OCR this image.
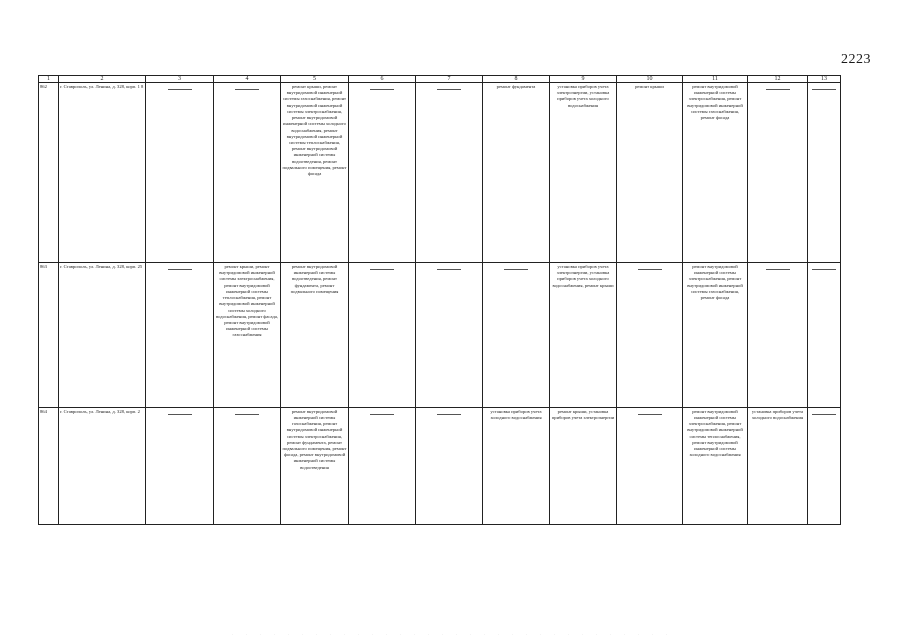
2223
1	2	3	4	5	6	7	8	9	10	11	12	13
862	г. Ставрополь, ул. Ленина, д. 328, корп. 1 8			ремонт крыши, ремонт внутридомовой инженерной системы газоснабжения, ремонт внутридомовой инженерной системы электроснабжения, ремонт внутридомовой инженерной системы холодного водоснабжения, ремонт внутридомовой инженерной системы теплоснабжения, ремонт внутридомовой инженерной системы водоотведения, ремонт подвального помещения, ремонт фасада			ремонт фундамента	установка приборов учета электроэнергии, установка приборов учета холодного водоснабжения	ремонт крыши	ремонт внутридомовой инженерной системы электроснабжения, ремонт внутридомовой инженерной системы газоснабжения, ремонт фасада	

863	г. Ставрополь, ул. Ленина, д. 328, корп. 25		ремонт крыши, ремонт внутридомовой инженерной системы электроснабжения, ремонт внутридомовой инженерной системы теплоснабжения, ремонт внутридомовой инженерной системы холодного водоснабжения, ремонт фасада, ремонт внутридомовой инженерной системы газоснабжения	ремонт внутридомовой инженерной системы водоотведения, ремонт фундамента, ремонт подвального помещения				установка приборов учета электроэнергии, установка приборов учета холодного водоснабжения, ремонт крыши		ремонт внутридомовой инженерной системы электроснабжения, ремонт внутридомовой инженерной системы газоснабжения, ремонт фасада	

864	г. Ставрополь, ул. Ленина, д. 328, корп. 2			ремонт внутридомовой инженерной системы газоснабжения, ремонт внутридомовой инженерной системы электроснабжения, ремонт фундамента, ремонт подвального помещения, ремонт фасада, ремонт внутридомовой инженерной системы водоотведения			установка приборов учета холодного водоснабжения	ремонт крыши, установка приборов учета электроэнергии		ремонт внутридомовой инженерной системы электроснабжения, ремонт внутридомовой инженерной системы теплоснабжения, ремонт внутридомовой инженерной системы холодного водоснабжения	установка приборов учета холодного водоснабжения	
. . . . . . . . . . . . . . . . . . . . . . . . . . . . . . . .
